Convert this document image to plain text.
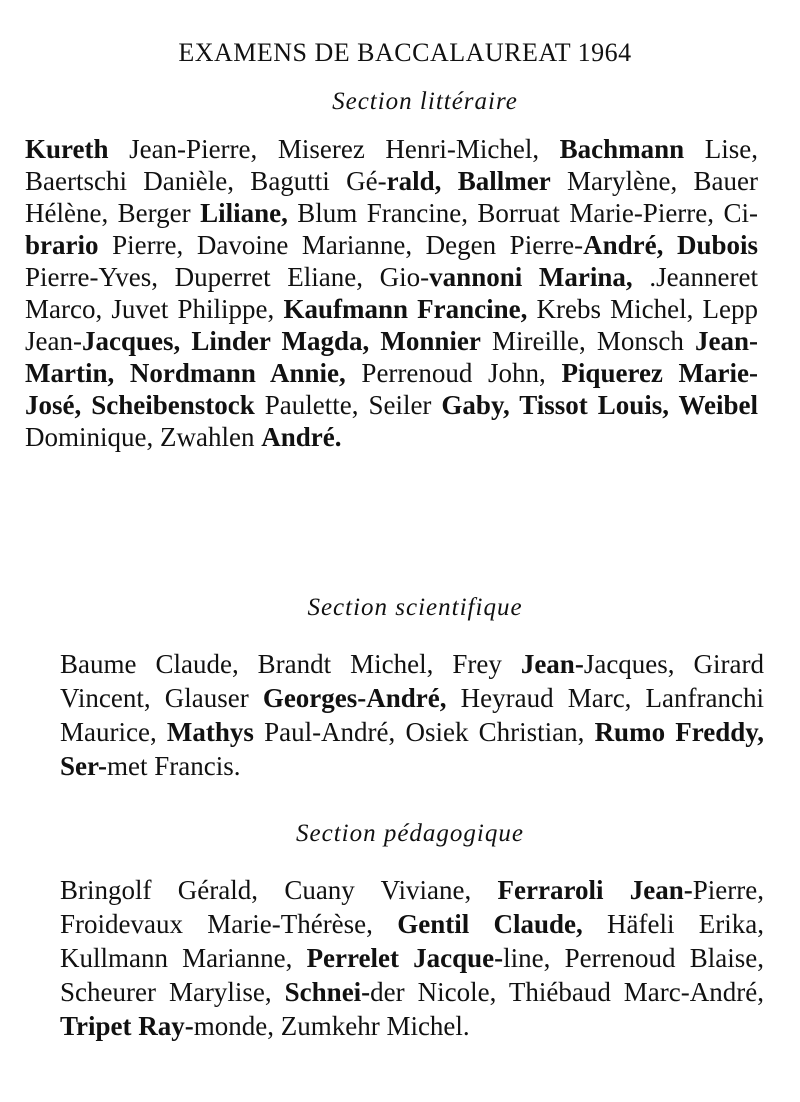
EXAMENS DE BACCALAUREAT 1964
Section littéraire
Kureth Jean-Pierre, Miserez Henri-Michel, Bachmann Lise, Baertschi Danièle, Bagutti Gé-rald, Ballmer Marylène, Bauer Hélène, Berger Liliane, Blum Francine, Borruat Marie-Pierre, Ci-brario Pierre, Davoine Marianne, Degen Pierre-André, Dubois Pierre-Yves, Duperret Eliane, Gio-vannoni Marina, .Jeanneret Marco, Juvet Philippe, Kaufmann Francine, Krebs Michel, Lepp Jean-Jacques, Linder Magda, Monnier Mireille, Monsch Jean-Martin, Nordmann Annie, Perrenoud John, Piquerez Marie-José, Scheibenstock Paulette, Seiler Gaby, Tissot Louis, Weibel Dominique, Zwahlen André.
Section scientifique
Baume Claude, Brandt Michel, Frey Jean-Jacques, Girard Vincent, Glauser Georges-André, Heyraud Marc, Lanfranchi Maurice, Mathys Paul-André, Osiek Christian, Rumo Freddy, Ser-met Francis.
Section pédagogique
Bringolf Gérald, Cuany Viviane, Ferraroli Jean-Pierre, Froidevaux Marie-Thérèse, Gentil Claude, Häfeli Erika, Kullmann Marianne, Perrelet Jacque-line, Perrenoud Blaise, Scheurer Marylise, Schnei-der Nicole, Thiébaud Marc-André, Tripet Ray-monde, Zumkehr Michel.
